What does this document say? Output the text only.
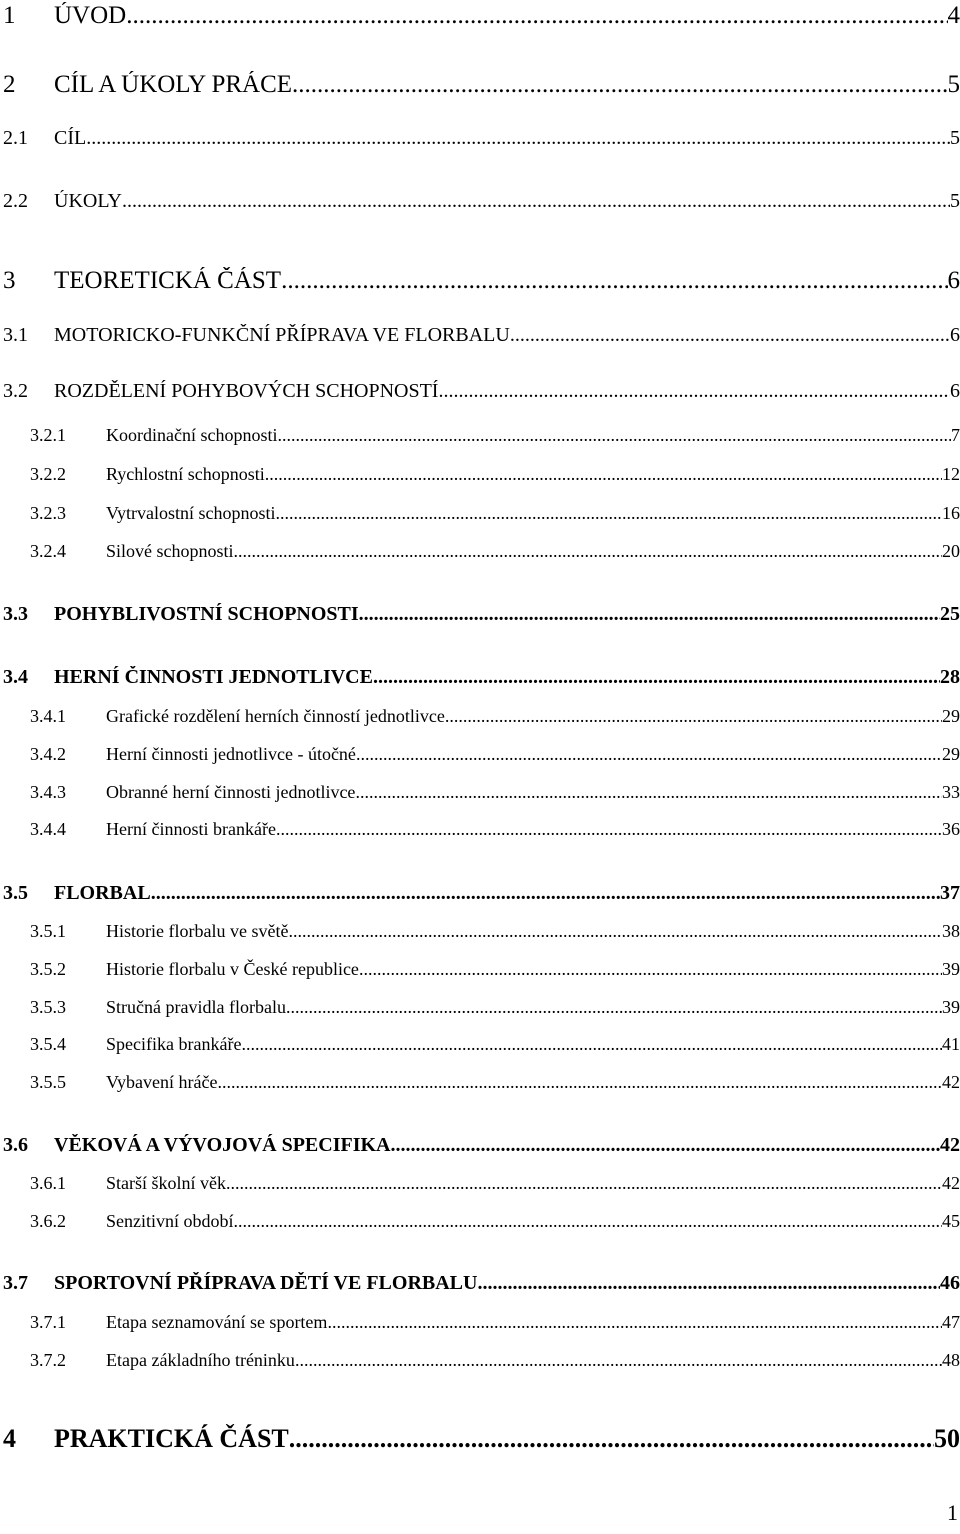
1 ÚVOD .....	4
2 CÍL A ÚKOLY PRÁCE .....	5
2.1 CÍL .....	5
2.2 ÚKOLY .....	5
3 TEORETICKÁ ČÁST .....	6
3.1 MOTORICKO-FUNKČNÍ PŘÍPRAVA VE FLORBALU .....	6
3.2 ROZDĚLENÍ POHYBOVÝCH SCHOPNOSTÍ .....	6
3.2.1 Koordinační schopnosti .....	7
3.2.2 Rychlostní schopnosti .....	12
3.2.3 Vytrvalostní schopnosti .....	16
3.2.4 Silové schopnosti .....	20
3.3 POHYBLIVOSTNÍ SCHOPNOSTI .....	25
3.4 HERNÍ ČINNOSTI JEDNOTLIVCE .....	28
3.4.1 Grafické rozdělení herních činností jednotlivce .....	29
3.4.2 Herní činnosti jednotlivce - útočné .....	29
3.4.3 Obranné herní činnosti jednotlivce .....	33
3.4.4 Herní činnosti brankáře .....	36
3.5 FLORBAL .....	37
3.5.1 Historie florbalu ve světě .....	38
3.5.2 Historie florbalu v České republice .....	39
3.5.3 Stručná pravidla florbalu .....	39
3.5.4 Specifika brankáře .....	41
3.5.5 Vybavení hráče .....	42
3.6 VĚKOVÁ A VÝVOJOVÁ SPECIFIKA .....	42
3.6.1 Starší školní věk .....	42
3.6.2 Senzitivní období .....	45
3.7 SPORTOVNÍ PŘÍPRAVA DĚTÍ VE FLORBALU .....	46
3.7.1 Etapa seznamování se sportem .....	47
3.7.2 Etapa základního tréninku .....	48
4 PRAKTICKÁ ČÁST .....	50
1
